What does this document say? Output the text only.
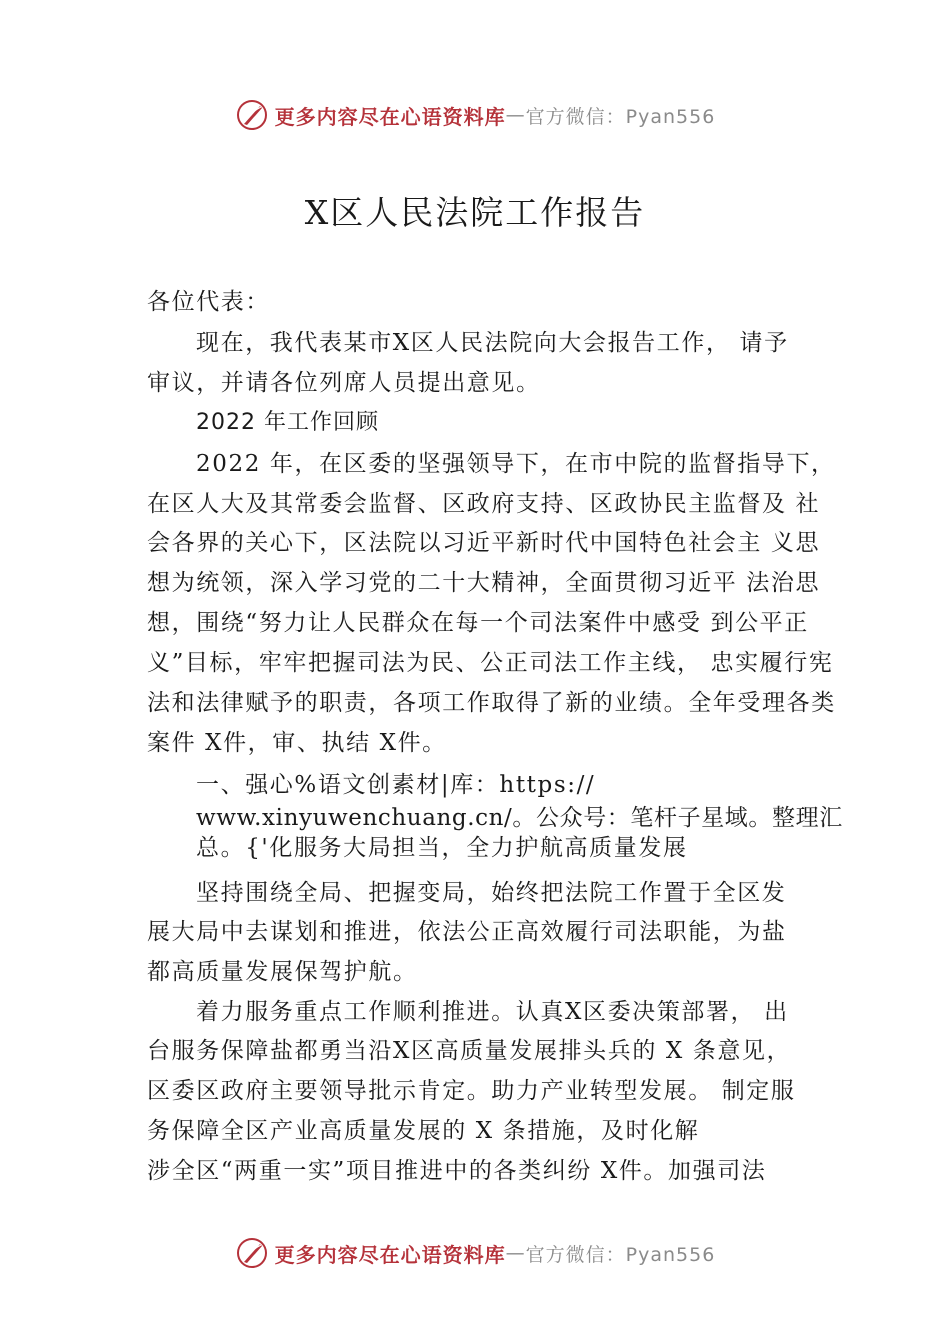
更多内容尽在心语资料库 — 官方微信：Pyan556
X区人民法院工作报告
各位代表：
现在，我代表某市X区人民法院向大会报告工作， 请予
审议，并请各位列席人员提出意见。
2022 年工作回顾
2022 年，在区委的坚强领导下，在市中院的监督指导下，
在区人大及其常委会监督、区政府支持、区政协民主监督及 社
会各界的关心下，区法院以习近平新时代中国特色社会主 义思
想为统领，深入学习党的二十大精神，全面贯彻习近平 法治思
想，围绕“努力让人民群众在每一个司法案件中感受 到公平正
义”目标，牢牢把握司法为民、公正司法工作主线， 忠实履行宪
法和法律赋予的职责，各项工作取得了新的业绩。全年受理各类
案件 X件，审、执结 X件。
一、强心%语文创素材|库：https://
www.xinyuwenchuang.cn/。公众号：笔杆子星域。整理汇
总。{'化服务大局担当，全力护航高质量发展
坚持围绕全局、把握变局，始终把法院工作置于全区发
展大局中去谋划和推进，依法公正高效履行司法职能，为盐
都高质量发展保驾护航。
着力服务重点工作顺利推进。认真X区委决策部署， 出
台服务保障盐都勇当沿X区高质量发展排头兵的 X 条意见，
区委区政府主要领导批示肯定。助力产业转型发展。 制定服
务保障全区产业高质量发展的 X 条措施，及时化解
涉全区“两重一实”项目推进中的各类纠纷 X件。加强司法
更多内容尽在心语资料库 — 官方微信：Pyan556
